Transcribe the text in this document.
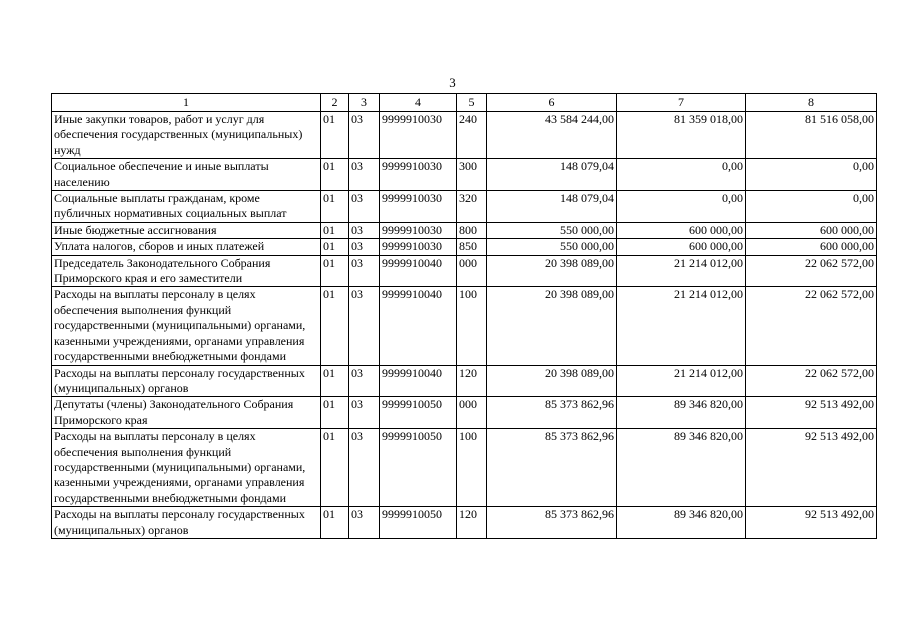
3
1	2	3	4	5	6	7	8
Иные закупки товаров, работ и услуг для обеспечения государственных (муниципальных) нужд	01	03	9999910030	240	43 584 244,00	81 359 018,00	81 516 058,00
Социальное обеспечение и иные выплаты населению	01	03	9999910030	300	148 079,04	0,00	0,00
Социальные выплаты гражданам, кроме публичных нормативных социальных выплат	01	03	9999910030	320	148 079,04	0,00	0,00
Иные бюджетные ассигнования	01	03	9999910030	800	550 000,00	600 000,00	600 000,00
Уплата налогов, сборов и иных платежей	01	03	9999910030	850	550 000,00	600 000,00	600 000,00
Председатель Законодательного Собрания Приморского края и его заместители	01	03	9999910040	000	20 398 089,00	21 214 012,00	22 062 572,00
Расходы на выплаты персоналу в целях обеспечения выполнения функций государственными (муниципальными) органами, казенными учреждениями, органами управления государственными внебюджетными фондами	01	03	9999910040	100	20 398 089,00	21 214 012,00	22 062 572,00
Расходы на выплаты персоналу государственных (муниципальных) органов	01	03	9999910040	120	20 398 089,00	21 214 012,00	22 062 572,00
Депутаты (члены) Законодательного Собрания Приморского края	01	03	9999910050	000	85 373 862,96	89 346 820,00	92 513 492,00
Расходы на выплаты персоналу в целях обеспечения выполнения функций государственными (муниципальными) органами, казенными учреждениями, органами управления государственными внебюджетными фондами	01	03	9999910050	100	85 373 862,96	89 346 820,00	92 513 492,00
Расходы на выплаты персоналу государственных (муниципальных) органов	01	03	9999910050	120	85 373 862,96	89 346 820,00	92 513 492,00
